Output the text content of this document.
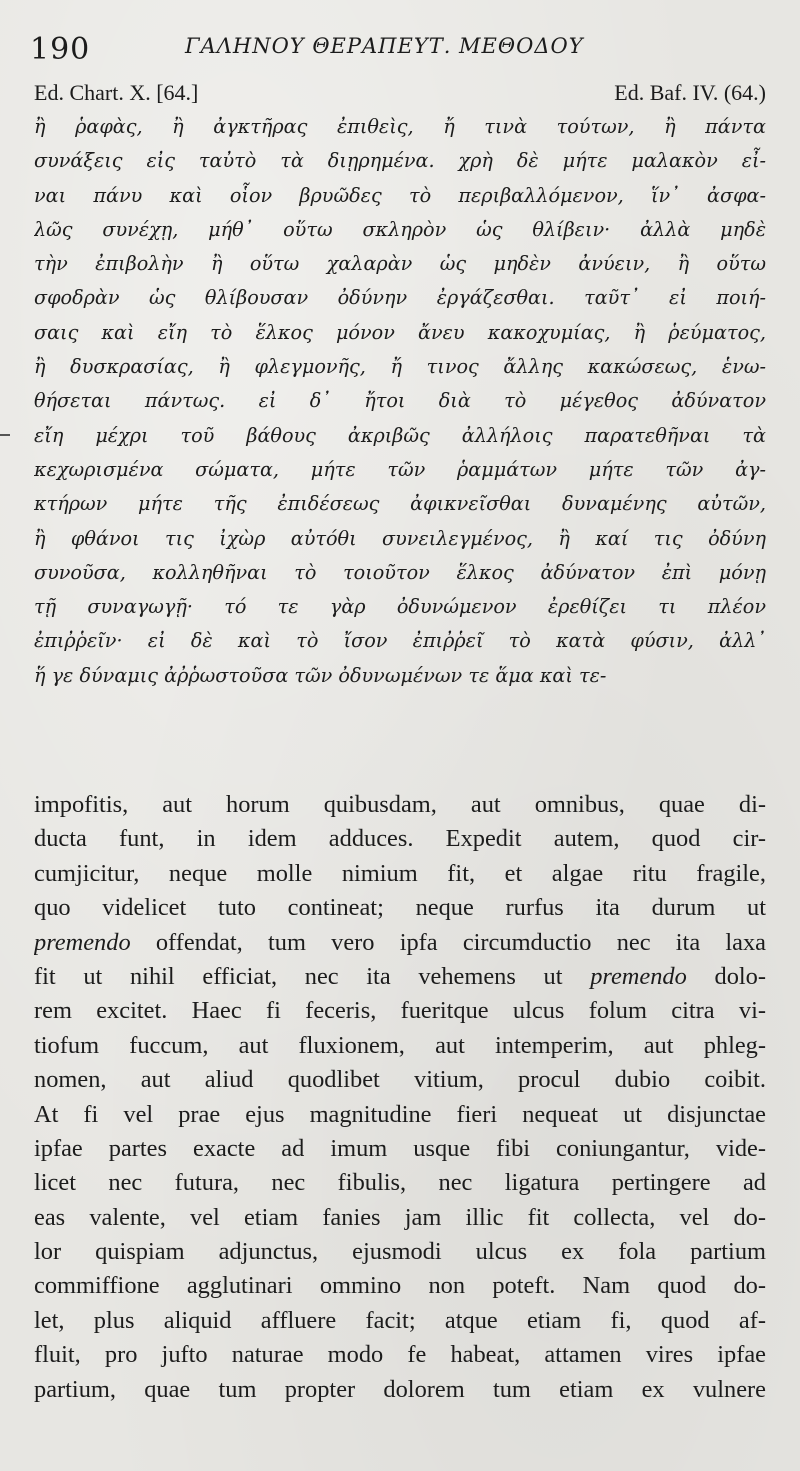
190	ΓΑΛΗΝΟΥ ΘΕΡΑΠΕΥΤ. ΜΕΘΟΔΟΥ
Ed. Chart. X. [64.]	Ed. Baf. IV. (64.)
ἢ ῥαφὰς, ἢ ἀγκτῆρας ἐπιθεὶς, ἤ τινὰ τούτων, ἢ πάντα
συνάξεις εἰς ταὐτὸ τὰ διῃρημένα. χρὴ δὲ μήτε μαλακὸν εἶ-
ναι πάνυ καὶ οἷον βρυῶδες τὸ περιβαλλόμενον, ἵν᾽ ἀσφα-
λῶς συνέχῃ, μήθ᾽ οὕτω σκληρὸν ὡς θλίβειν· ἀλλὰ μηδὲ
τὴν ἐπιβολὴν ἢ οὕτω χαλαρὰν ὡς μηδὲν ἀνύειν, ἢ οὕτω
σφοδρὰν ὡς θλίβουσαν ὀδύνην ἐργάζεσθαι. ταῦτ᾽ εἰ ποιή-
σαις καὶ εἴη τὸ ἕλκος μόνον ἄνευ κακοχυμίας, ἢ ῥεύματος,
ἢ δυσκρασίας, ἢ φλεγμονῆς, ἤ τινος ἄλλης κακώσεως, ἑνω-
θήσεται πάντως. εἰ δ᾽ ἤτοι διὰ τὸ μέγεθος ἀδύνατον
εἴη μέχρι τοῦ βάθους ἀκριβῶς ἀλλήλοις παρατεθῆναι τὰ
κεχωρισμένα σώματα, μήτε τῶν ῥαμμάτων μήτε τῶν ἀγ-
κτήρων μήτε τῆς ἐπιδέσεως ἀφικνεῖσθαι δυναμένης αὐτῶν,
ἢ φθάνοι τις ἰχὼρ αὐτόθι συνειλεγμένος, ἢ καί τις ὀδύνη
συνοῦσα, κολληθῆναι τὸ τοιοῦτον ἕλκος ἀδύνατον ἐπὶ μόνῃ
τῇ συναγωγῇ· τό τε γὰρ ὀδυνώμενον ἐρεθίζει τι πλέον
ἐπιῤῥεῖν· εἰ δὲ καὶ τὸ ἴσον ἐπιῤῥεῖ τὸ κατὰ φύσιν, ἀλλ᾽
ἥ γε δύναμις ἀῤῥωστοῦσα τῶν ὀδυνωμένων τε ἅμα καὶ τε-
impofitis, aut horum quibusdam, aut omnibus, quae di-
ducta funt, in idem adduces. Expedit autem, quod cir-
cumjicitur, neque molle nimium fit, et algae ritu fragile,
quo videlicet tuto contineat; neque rurfus ita durum ut
premendo offendat, tum vero ipfa circumductio nec ita laxa
fit ut nihil efficiat, nec ita vehemens ut premendo dolo-
rem excitet. Haec fi feceris, fueritque ulcus folum citra vi-
tiofum fuccum, aut fluxionem, aut intemperim, aut phleg-
nomen, aut aliud quodlibet vitium, procul dubio coibit.
At fi vel prae ejus magnitudine fieri nequeat ut disjunctae
ipfae partes exacte ad imum usque fibi coniungantur, vide-
licet nec futura, nec fibulis, nec ligatura pertingere ad
eas valente, vel etiam fanies jam illic fit collecta, vel do-
lor quispiam adjunctus, ejusmodi ulcus ex fola partium
commiffione agglutinari ommino non poteft. Nam quod do-
let, plus aliquid affluere facit; atque etiam fi, quod af-
fluit, pro jufto naturae modo fe habeat, attamen vires ipfae
partium, quae tum propter dolorem tum etiam ex vulnere
